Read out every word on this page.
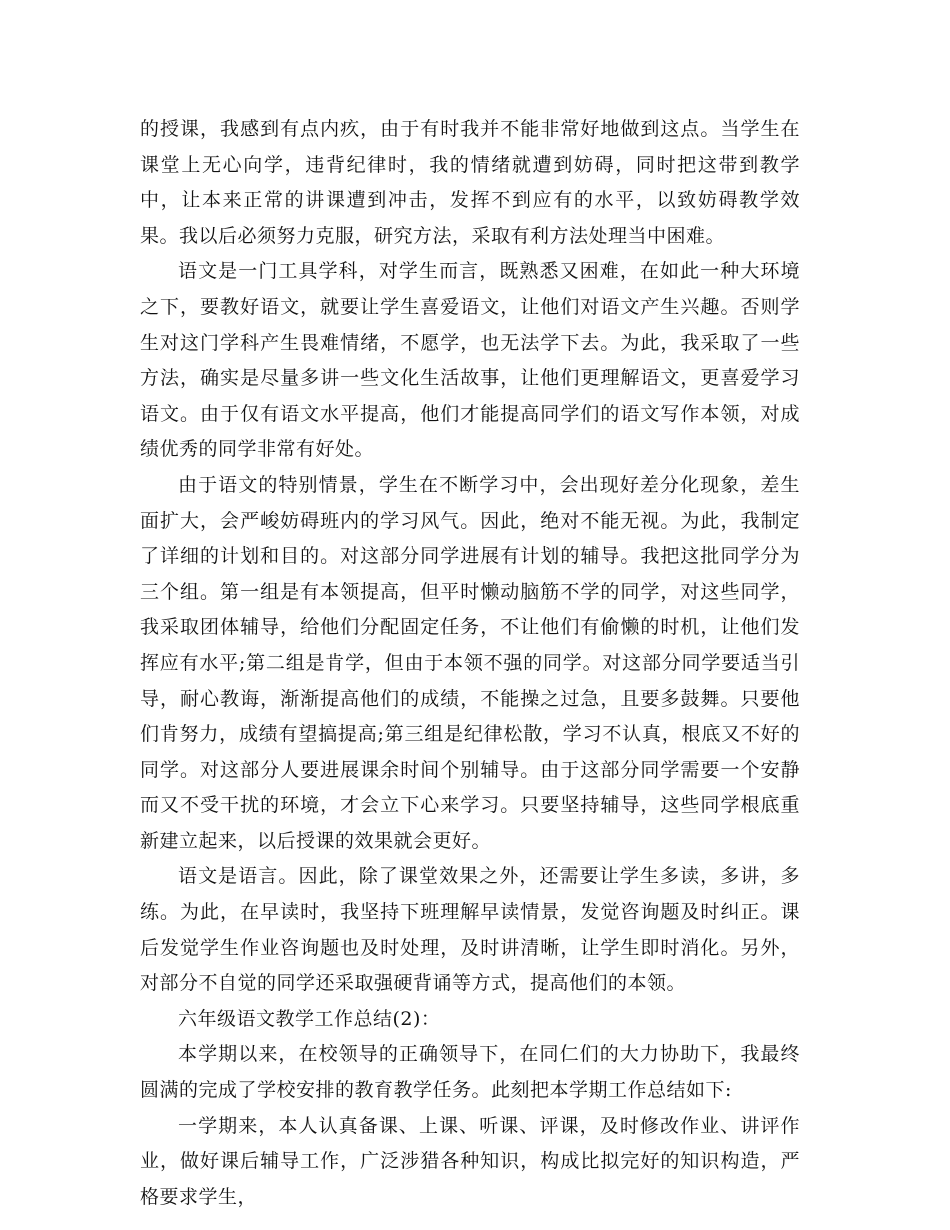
的授课，我感到有点内疚，由于有时我并不能非常好地做到这点。当学生在课堂上无心向学，违背纪律时，我的情绪就遭到妨碍，同时把这带到教学中，让本来正常的讲课遭到冲击，发挥不到应有的水平，以致妨碍教学效果。我以后必须努力克服，研究方法，采取有利方法处理当中困难。

语文是一门工具学科，对学生而言，既熟悉又困难，在如此一种大环境之下，要教好语文，就要让学生喜爱语文，让他们对语文产生兴趣。否则学生对这门学科产生畏难情绪，不愿学，也无法学下去。为此，我采取了一些方法，确实是尽量多讲一些文化生活故事，让他们更理解语文，更喜爱学习语文。由于仅有语文水平提高，他们才能提高同学们的语文写作本领，对成绩优秀的同学非常有好处。

由于语文的特别情景，学生在不断学习中，会出现好差分化现象，差生面扩大，会严峻妨碍班内的学习风气。因此，绝对不能无视。为此，我制定了详细的计划和目的。对这部分同学进展有计划的辅导。我把这批同学分为三个组。第一组是有本领提高，但平时懒动脑筋不学的同学，对这些同学，我采取团体辅导，给他们分配固定任务，不让他们有偷懒的时机，让他们发挥应有水平;第二组是肯学，但由于本领不强的同学。对这部分同学要适当引导，耐心教诲，渐渐提高他们的成绩，不能操之过急，且要多鼓舞。只要他们肯努力，成绩有望搞提高;第三组是纪律松散，学习不认真，根底又不好的同学。对这部分人要进展课余时间个别辅导。由于这部分同学需要一个安静而又不受干扰的环境，才会立下心来学习。只要坚持辅导，这些同学根底重新建立起来，以后授课的效果就会更好。

语文是语言。因此，除了课堂效果之外，还需要让学生多读，多讲，多练。为此，在早读时，我坚持下班理解早读情景，发觉咨询题及时纠正。课后发觉学生作业咨询题也及时处理，及时讲清晰，让学生即时消化。另外，对部分不自觉的同学还采取强硬背诵等方式，提高他们的本领。

六年级语文教学工作总结(2)：

本学期以来，在校领导的正确领导下，在同仁们的大力协助下，我最终圆满的完成了学校安排的教育教学任务。此刻把本学期工作总结如下:

一学期来，本人认真备课、上课、听课、评课，及时修改作业、讲评作业，做好课后辅导工作，广泛涉猎各种知识，构成比拟完好的知识构造，严格要求学生，
